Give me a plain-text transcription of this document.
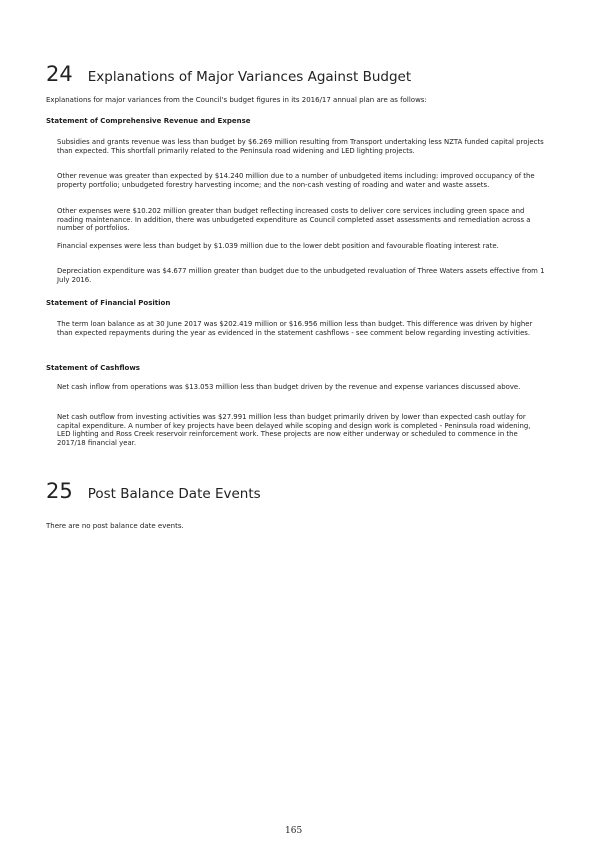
24 Explanations of Major Variances Against Budget
Explanations for major variances from the Council's budget figures in its 2016/17 annual plan are as follows:
Statement of Comprehensive Revenue and Expense
Subsidies and grants revenue was less than budget by $6.269 million resulting from Transport undertaking less NZTA funded capital projects than expected. This shortfall primarily related to the Peninsula road widening and LED lighting projects.
Other revenue was greater than expected by $14.240 million due to a number of unbudgeted items including: improved occupancy of the property portfolio; unbudgeted forestry harvesting income; and the non-cash vesting of roading and water and waste assets.
Other expenses were $10.202 million greater than budget reflecting increased costs to deliver core services including green space and roading maintenance. In addition, there was unbudgeted expenditure as Council completed asset assessments and remediation across a number of portfolios.
Financial expenses were less than budget by $1.039 million due to the lower debt position and favourable floating interest rate.
Depreciation expenditure was $4.677 million greater than budget due to the unbudgeted revaluation of Three Waters assets effective from 1 July 2016.
Statement of Financial Position
The term loan balance as at 30 June 2017 was $202.419 million or $16.956 million less than budget. This difference was driven by higher than expected repayments during the year as evidenced in the statement cashflows - see comment below regarding investing activities.
Statement of Cashflows
Net cash inflow from operations was $13.053 million less than budget driven by the revenue and expense variances discussed above.
Net cash outflow from investing activities was $27.991 million less than budget primarily driven by lower than expected cash outlay for capital expenditure. A number of key projects have been delayed while scoping and design work is completed - Peninsula road widening, LED lighting and Ross Creek reservoir reinforcement work. These projects are now either underway or scheduled to commence in the 2017/18 financial year.
25 Post Balance Date Events
There are no post balance date events.
165
